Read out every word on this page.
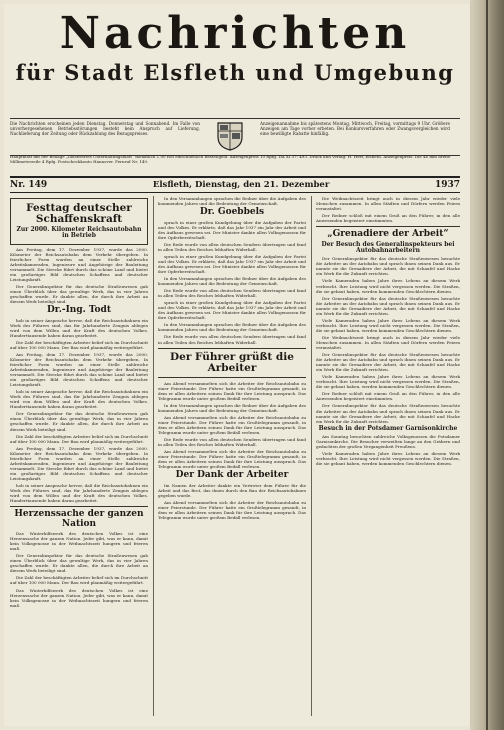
Nachrichten
für Stadt Elsfleth und Umgebung
Die Nachrichten erscheinen jeden Dienstag, Donnerstag und Sonnabend. Im Falle von unvorhergesehenen Betriebsstörungen besteht kein Anspruch auf Lieferung, Nachlieferung der Zeitung oder Rückzahlung des Bezugspreises.
Anzeigenannahme bis spätestens Montag, Mittwoch, Freitag, vormittags 9 Uhr. Größere Anzeigen am Tage vorher erbeten. Bei Konkursverfahren oder Zwangsvergleichen wird eine bewilligte Rabatte hinfällig.
Hauptblatt mit der Beilage „Illustriertes Unterhaltungsblatt“ monatlich 1.00 RM einschließlich Bestellgeld. Anzeigenpreis 10 Rpfg. DA XI 37: 493. Druck und Verlag: H. Herf, Elsfleth. Anzeigenpreis: Die 46 mm breite Millimeterzeile 4 Rpfg. Postscheckkonto Hannover. Fernruf Nr. 149.
Nr. 149	Elsfleth, Dienstag, den 21. Dezember	1937
Festtag deutscher Schaffenskraft
Zur 2000. Kilometer Reichsautobahn in Betrieb

Am Freitag, dem 17. Dezember 1937, wurde das 2000. Kilometer der Reichsautobahn dem Verkehr übergeben. In feierlicher Form wurden an einer Stelle zahlreiche Arbeitskameraden, Ingenieure und Angehörige der Bauleitung versammelt. Die Strecke führt durch das schöne Land und bietet ein großartiges Bild deutschen Schaffens und deutscher Leistungskraft.

Der Generalinspektor für das deutsche Straßenwesen gab einen Überblick über das gewaltige Werk, das in vier Jahren geschaffen wurde. Er dankte allen, die durch ihre Arbeit an diesem Werk beteiligt sind.

Dr.-Ing. Todt

hob in seiner Ansprache hervor, daß die Reichsautobahnen ein Werk des Führers sind, das für Jahrhunderte Zeugnis ablegen wird von dem Willen und der Kraft des deutschen Volkes. Hunderttausende haben daran gearbeitet.

Die Zahl der beschäftigten Arbeiter belief sich im Durchschnitt auf über 100 000 Mann. Der Bau wird planmäßig weitergeführt.

Am Freitag, dem 17. Dezember 1937, wurde das 2000. Kilometer der Reichsautobahn dem Verkehr übergeben. In feierlicher Form wurden an einer Stelle zahlreiche Arbeitskameraden, Ingenieure und Angehörige der Bauleitung versammelt. Die Strecke führt durch das schöne Land und bietet ein großartiges Bild deutschen Schaffens und deutscher Leistungskraft.

hob in seiner Ansprache hervor, daß die Reichsautobahnen ein Werk des Führers sind, das für Jahrhunderte Zeugnis ablegen wird von dem Willen und der Kraft des deutschen Volkes. Hunderttausende haben daran gearbeitet.

Der Generalinspektor für das deutsche Straßenwesen gab einen Überblick über das gewaltige Werk, das in vier Jahren geschaffen wurde. Er dankte allen, die durch ihre Arbeit an diesem Werk beteiligt sind.

Die Zahl der beschäftigten Arbeiter belief sich im Durchschnitt auf über 100 000 Mann. Der Bau wird planmäßig weitergeführt.

Am Freitag, dem 17. Dezember 1937, wurde das 2000. Kilometer der Reichsautobahn dem Verkehr übergeben. In feierlicher Form wurden an einer Stelle zahlreiche Arbeitskameraden, Ingenieure und Angehörige der Bauleitung versammelt. Die Strecke führt durch das schöne Land und bietet ein großartiges Bild deutschen Schaffens und deutscher Leistungskraft.

hob in seiner Ansprache hervor, daß die Reichsautobahnen ein Werk des Führers sind, das für Jahrhunderte Zeugnis ablegen wird von dem Willen und der Kraft des deutschen Volkes. Hunderttausende haben daran gearbeitet.

Herzenssache der ganzen Nation

Das Winterhilfswerk des deutschen Volkes ist eine Herzenssache der ganzen Nation. Jeder gibt, was er kann, damit kein Volksgenosse in der Weihnachtszeit hungern und frieren muß.

Der Generalinspektor für das deutsche Straßenwesen gab einen Überblick über das gewaltige Werk, das in vier Jahren geschaffen wurde. Er dankte allen, die durch ihre Arbeit an diesem Werk beteiligt sind.

Die Zahl der beschäftigten Arbeiter belief sich im Durchschnitt auf über 100 000 Mann. Der Bau wird planmäßig weitergeführt.

Das Winterhilfswerk des deutschen Volkes ist eine Herzenssache der ganzen Nation. Jeder gibt, was er kann, damit kein Volksgenosse in der Weihnachtszeit hungern und frieren muß.

In den Versammlungen sprachen die Redner über die Aufgaben des kommenden Jahres und die Bedeutung der Gemeinschaft.

Dr. Goebbels

sprach in einer großen Kundgebung über die Aufgaben der Partei und des Volkes. Er erklärte, daß das Jahr 1937 ein Jahr der Arbeit und des Aufbaus gewesen sei. Der Minister dankte allen Volksgenossen für ihre Opferbereitschaft.

Die Rede wurde von allen deutschen Sendern übertragen und fand in allen Teilen des Reiches lebhaften Widerhall.

sprach in einer großen Kundgebung über die Aufgaben der Partei und des Volkes. Er erklärte, daß das Jahr 1937 ein Jahr der Arbeit und des Aufbaus gewesen sei. Der Minister dankte allen Volksgenossen für ihre Opferbereitschaft.

In den Versammlungen sprachen die Redner über die Aufgaben des kommenden Jahres und die Bedeutung der Gemeinschaft.

Die Rede wurde von allen deutschen Sendern übertragen und fand in allen Teilen des Reiches lebhaften Widerhall.

sprach in einer großen Kundgebung über die Aufgaben der Partei und des Volkes. Er erklärte, daß das Jahr 1937 ein Jahr der Arbeit und des Aufbaus gewesen sei. Der Minister dankte allen Volksgenossen für ihre Opferbereitschaft.

In den Versammlungen sprachen die Redner über die Aufgaben des kommenden Jahres und die Bedeutung der Gemeinschaft.

Die Rede wurde von allen deutschen Sendern übertragen und fand in allen Teilen des Reiches lebhaften Widerhall.

Der Führer grüßt die Arbeiter

Am Abend versammelten sich die Arbeiter der Reichsautobahn zu einer Feierstunde. Der Führer hatte ein Grußtelegramm gesandt, in dem er allen Arbeitern seinen Dank für ihre Leistung aussprach. Das Telegramm wurde unter großem Beifall verlesen.

In den Versammlungen sprachen die Redner über die Aufgaben des kommenden Jahres und die Bedeutung der Gemeinschaft.

Am Abend versammelten sich die Arbeiter der Reichsautobahn zu einer Feierstunde. Der Führer hatte ein Grußtelegramm gesandt, in dem er allen Arbeitern seinen Dank für ihre Leistung aussprach. Das Telegramm wurde unter großem Beifall verlesen.

Die Rede wurde von allen deutschen Sendern übertragen und fand in allen Teilen des Reiches lebhaften Widerhall.

Am Abend versammelten sich die Arbeiter der Reichsautobahn zu einer Feierstunde. Der Führer hatte ein Grußtelegramm gesandt, in dem er allen Arbeitern seinen Dank für ihre Leistung aussprach. Das Telegramm wurde unter großem Beifall verlesen.

Der Dank der Arbeiter

Im Namen der Arbeiter dankte ein Vertreter dem Führer für die Arbeit und das Brot, das ihnen durch den Bau der Reichsautobahnen gegeben wurde.

Am Abend versammelten sich die Arbeiter der Reichsautobahn zu einer Feierstunde. Der Führer hatte ein Grußtelegramm gesandt, in dem er allen Arbeitern seinen Dank für ihre Leistung aussprach. Das Telegramm wurde unter großem Beifall verlesen.

Die Weihnachtszeit bringt auch in diesem Jahr wieder viele Menschen zusammen. In allen Städten und Dörfern werden Feiern veranstaltet.

Der Redner schloß mit einem Gruß an den Führer, in den alle Anwesenden begeistert einstimmten.

„Grenadiere der Arbeit“
Der Besuch des Generalinspekteurs bei Autobahnarbeitern

Der Generalinspektor für das deutsche Straßenwesen besuchte die Arbeiter an der Autobahn und sprach ihnen seinen Dank aus. Er nannte sie die Grenadiere der Arbeit, die mit Schaufel und Hacke ein Werk für die Zukunft errichten.

Viele Kameraden haben Jahre ihres Lebens an diesem Werk verbracht. Ihre Leistung wird nicht vergessen werden. Die Straßen, die sie gebaut haben, werden kommenden Geschlechtern dienen.

Der Generalinspektor für das deutsche Straßenwesen besuchte die Arbeiter an der Autobahn und sprach ihnen seinen Dank aus. Er nannte sie die Grenadiere der Arbeit, die mit Schaufel und Hacke ein Werk für die Zukunft errichten.

Viele Kameraden haben Jahre ihres Lebens an diesem Werk verbracht. Ihre Leistung wird nicht vergessen werden. Die Straßen, die sie gebaut haben, werden kommenden Geschlechtern dienen.

Die Weihnachtszeit bringt auch in diesem Jahr wieder viele Menschen zusammen. In allen Städten und Dörfern werden Feiern veranstaltet.

Der Generalinspektor für das deutsche Straßenwesen besuchte die Arbeiter an der Autobahn und sprach ihnen seinen Dank aus. Er nannte sie die Grenadiere der Arbeit, die mit Schaufel und Hacke ein Werk für die Zukunft errichten.

Viele Kameraden haben Jahre ihres Lebens an diesem Werk verbracht. Ihre Leistung wird nicht vergessen werden. Die Straßen, die sie gebaut haben, werden kommenden Geschlechtern dienen.

Der Redner schloß mit einem Gruß an den Führer, in den alle Anwesenden begeistert einstimmten.

Der Generalinspektor für das deutsche Straßenwesen besuchte die Arbeiter an der Autobahn und sprach ihnen seinen Dank aus. Er nannte sie die Grenadiere der Arbeit, die mit Schaufel und Hacke ein Werk für die Zukunft errichten.

Besuch in der Potsdamer Garnisonkirche

Am Sonntag besuchten zahlreiche Volksgenossen die Potsdamer Garnisonkirche. Die Besucher verweilten lange an den Gräbern und gedachten der großen Vergangenheit Preußens.

Viele Kameraden haben Jahre ihres Lebens an diesem Werk verbracht. Ihre Leistung wird nicht vergessen werden. Die Straßen, die sie gebaut haben, werden kommenden Geschlechtern dienen.
